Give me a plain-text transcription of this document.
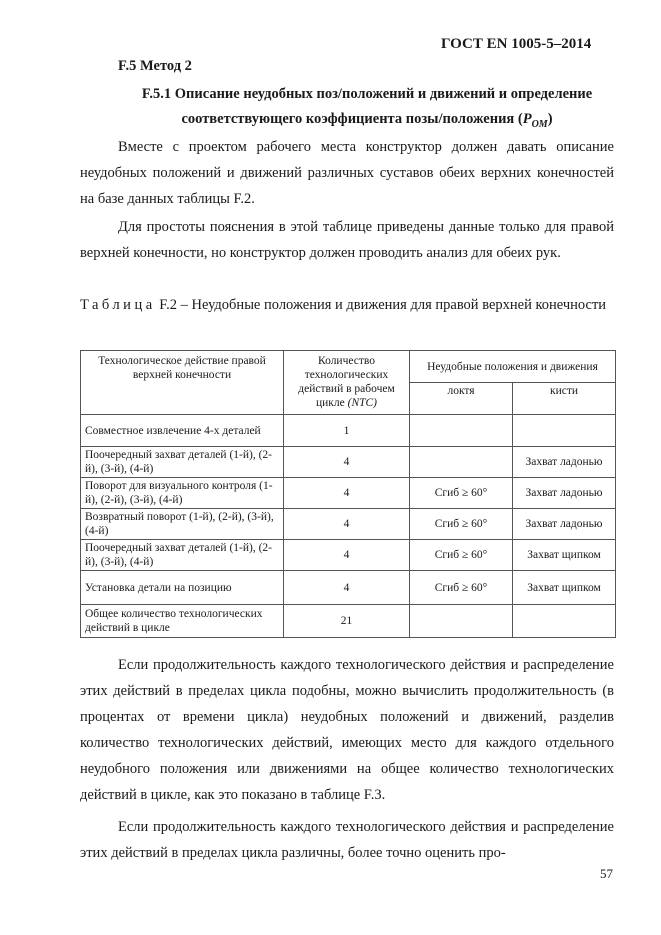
ГОСТ EN 1005-5–2014
F.5 Метод 2
F.5.1 Описание неудобных поз/положений и движений и определение
соответствующего коэффициента позы/положения $(P_{OM})$

Вместе с проектом рабочего места конструктор должен давать описание неудобных положений и движений различных суставов обеих верхних конечностей на базе данных таблицы F.2.

Для простоты пояснения в этой таблице приведены данные только для правой верхней конечности, но конструктор должен проводить анализ для обеих рук.

Таблица F.2 – Неудобные положения и движения для правой верхней конечности

Технологическое действие правой верхней конечности	Количество технологических действий в рабочем цикле (NTC)	Неудобные положения и движения	
		локтя	кисти
Совместное извлечение 4-х деталей	1		
Поочередный захват деталей (1-й), (2-й), (3-й), (4-й)	4		Захват ладонью
Поворот для визуального контроля (1-й), (2-й), (3-й), (4-й)	4	Сгиб ≥ 60°	Захват ладонью
Возвратный поворот (1-й), (2-й), (3-й), (4-й)	4	Сгиб ≥ 60°	Захват ладонью
Поочередный захват деталей (1-й), (2-й), (3-й), (4-й)	4	Сгиб ≥ 60°	Захват щипком
Установка детали на позицию	4	Сгиб ≥ 60°	Захват щипком
Общее количество технологических действий в цикле	21		

Если продолжительность каждого технологического действия и распределение этих действий в пределах цикла подобны, можно вычислить продолжительность (в процентах от времени цикла) неудобных положений и движений, разделив количество технологических действий, имеющих место для каждого отдельного неудобного положения или движениями на общее количество технологических действий в цикле, как это показано в таблице F.3.

Если продолжительность каждого технологического действия и распределение этих действий в пределах цикла различны, более точно оценить про-

57
